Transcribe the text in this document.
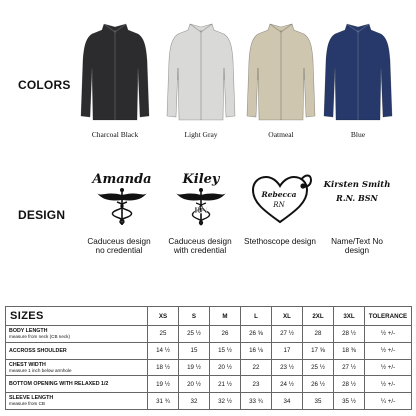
COLORS
DESIGN
Charcoal Black	Light Gray	Oatmeal	Blue
Amanda	Kiley
RN
Rebecca
RN
Kirsten Smith
R.N. BSN
Caduceus design no credential
Caduceus design with credential
Stethoscope design	Name/Text No design
SIZES	XS	S	M	L	XL	2XL	3XL	TOLERANCE

BODY LENGTH
measure from neck (CB neck)	25	25 ½	26	26 ⅝	27 ½	28	28 ½	½ +/-

ACCROSS SHOULDER	14 ½	15	15 ½	16 ⅛	17	17 ⅝	18 ⅜	½ +/-

CHEST WIDTH
measure 1 inch below armhole	18 ½	19 ½	20 ½	22	23 ½	25 ½	27 ½	½ +/-

BOTTOM OPENING WITH RELAXED 1/2	19 ½	20 ½	21 ½	23	24 ½	26 ½	28 ½	½ +/-

SLEEVE LENGTH
measure from CB	31 ¾	32	32 ½	33 ¾	34	35	35 ½	¼ +/-
